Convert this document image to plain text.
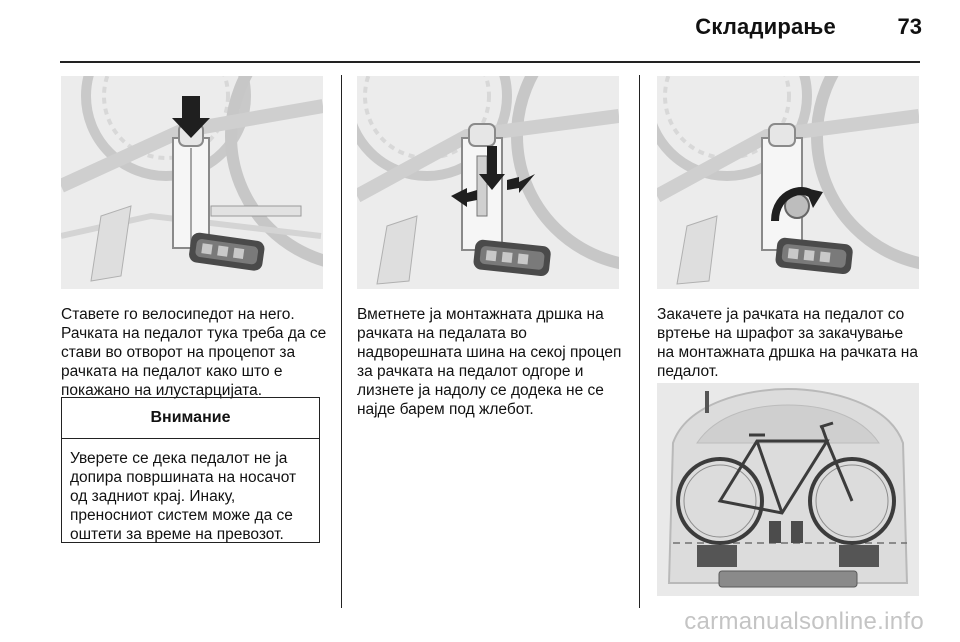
Складирање	73

Ставете го велосипедот на него. Рачката на педалот тука треба да се стави во отворот на процепот за рачката на педалот како што е покажано на илустарцијата.

Внимание

Уверете се дека педалот не ја допира површината на носачот од задниот крај. Инаку, преносниот систем може да се оштети за време на превозот.

Вметнете ја монтажната дршка на рачката на педалата во надворешната шина на секој процеп за рачката на педалот одгоре и лизнете ја надолу се додека не се најде барем под жлебот.

Закачете ја рачката на педалот со вртење на шрафот за закачување на монтажната дршка на рачката на педалот.

carmanualsonline.info
